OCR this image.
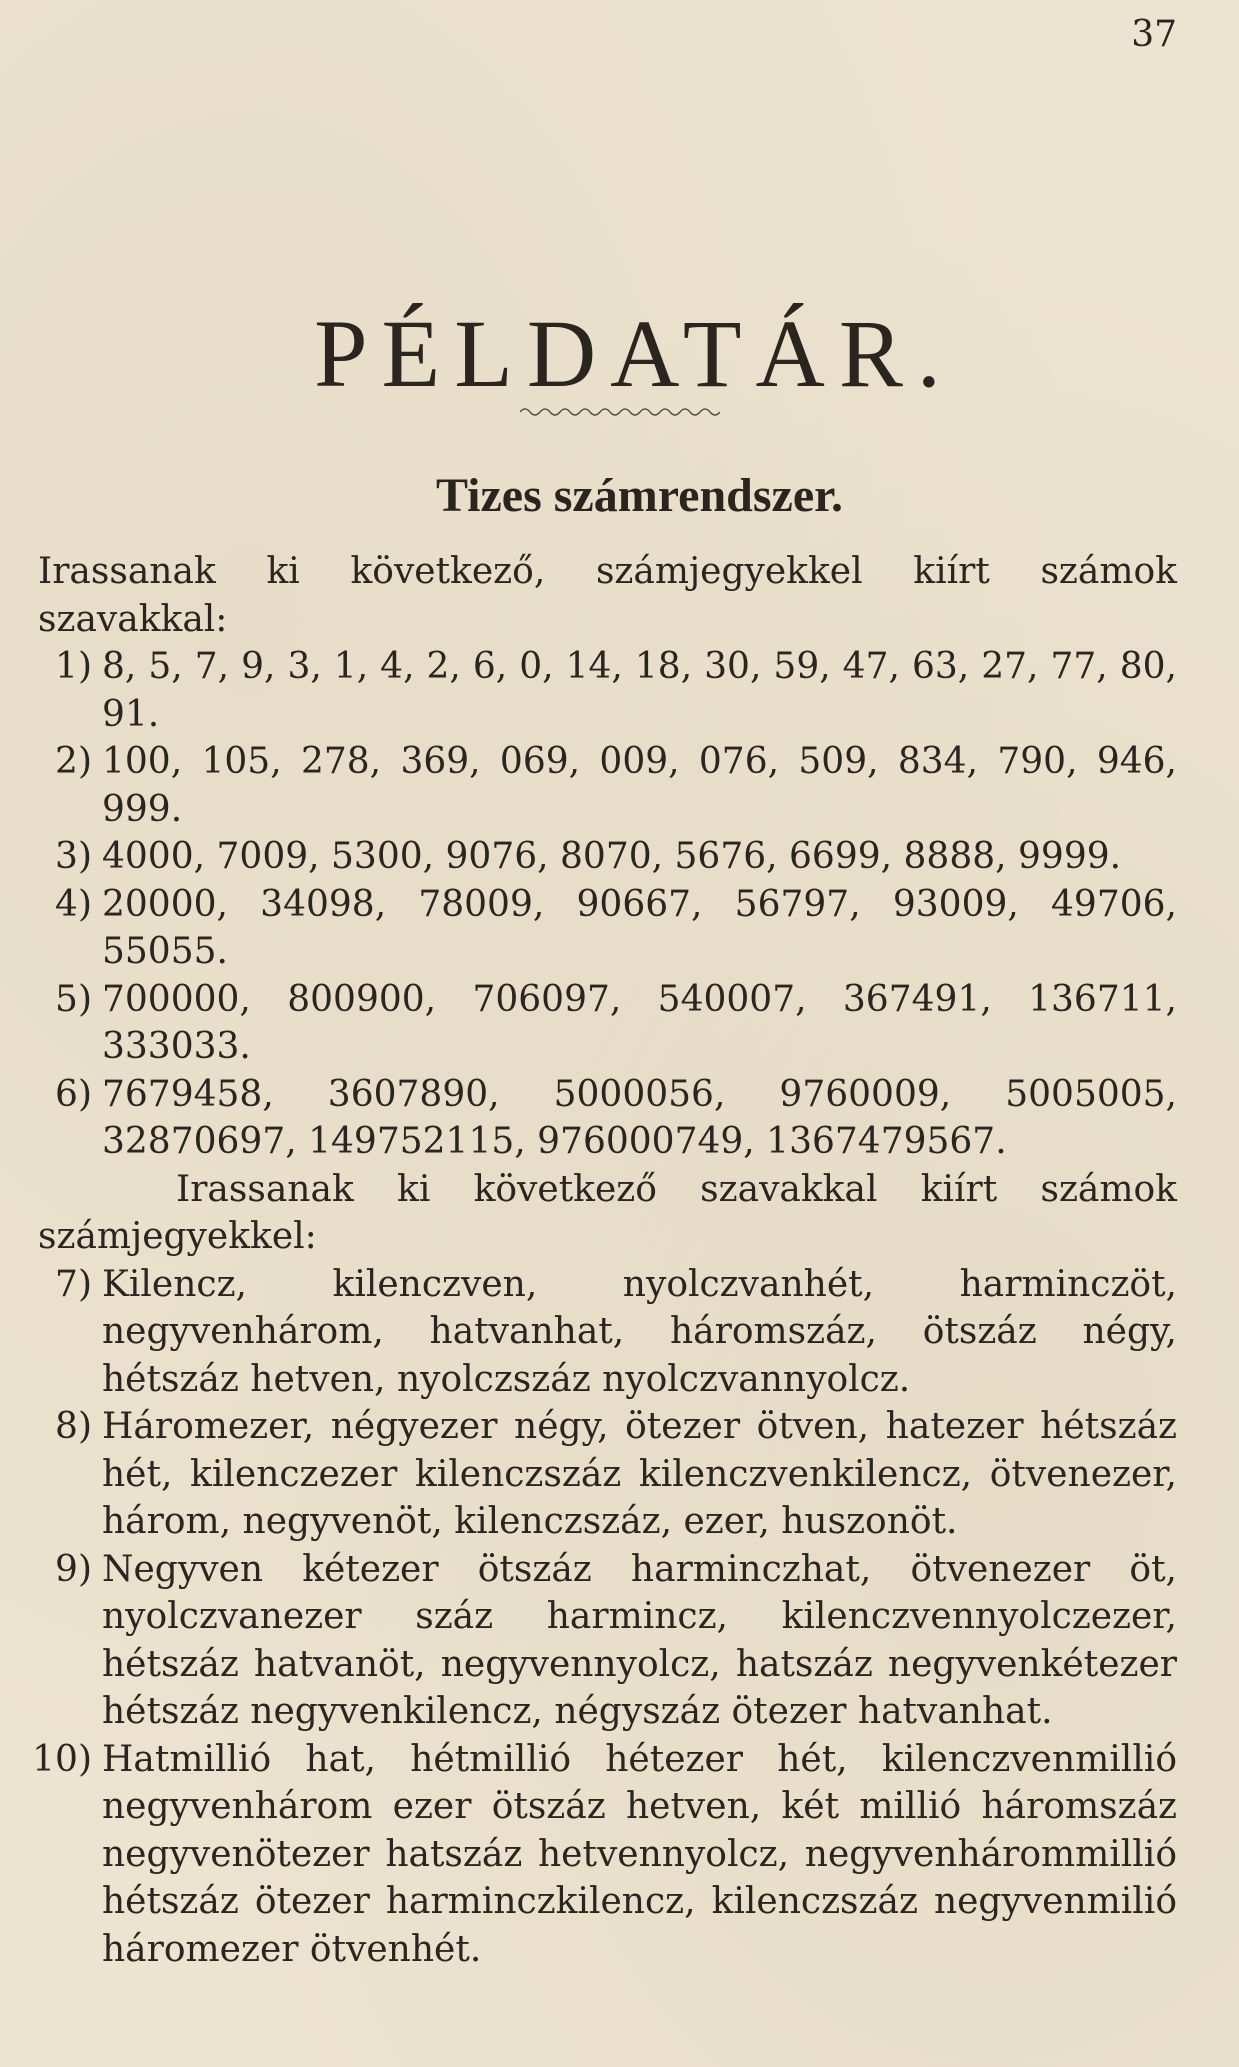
37
PÉLDATÁR.
Tizes számrendszer.

Irassanak ki következő, számjegyekkel kiírt számok szavakkal:

1) 8, 5, 7, 9, 3, 1, 4, 2, 6, 0, 14, 18, 30, 59, 47, 63, 27, 77, 80, 91.
2) 100, 105, 278, 369, 069, 009, 076, 509, 834, 790, 946, 999.
3) 4000, 7009, 5300, 9076, 8070, 5676, 6699, 8888, 9999.
4) 20000, 34098, 78009, 90667, 56797, 93009, 49706, 55055.
5) 700000, 800900, 706097, 540007, 367491, 136711, 333033.
6) 7679458, 3607890, 5000056, 9760009, 5005005, 32870697, 149752115, 976000749, 1367479567.

Irassanak ki következő szavakkal kiírt számok számjegyekkel:

7) Kilencz, kilenczven, nyolczvanhét, harminczöt, negyvenhárom, hatvanhat, háromszáz, ötszáz négy, hétszáz hetven, nyolczszáz nyolczvannyolcz.
8) Háromezer, négyezer négy, ötezer ötven, hatezer hétszáz hét, kilenczezer kilenczszáz kilenczvenkilencz, ötvenezer, három, negyvenöt, kilenczszáz, ezer, huszonöt.
9) Negyven kétezer ötszáz harminczhat, ötvenezer öt, nyolczvanezer száz harmincz, kilenczvennyolczezer, hétszáz hatvanöt, negyvennyolcz, hatszáz negyvenkétezer hétszáz negyvenkilencz, négyszáz ötezer hatvanhat.
10) Hatmillió hat, hétmillió hétezer hét, kilenczvenmillió negyvenhárom ezer ötszáz hetven, két millió háromszáz negyvenötezer hatszáz hetvennyolcz, negyvenhárommillió hétszáz ötezer harminczkilencz, kilenczszáz negyvenmilió háromezer ötvenhét.
